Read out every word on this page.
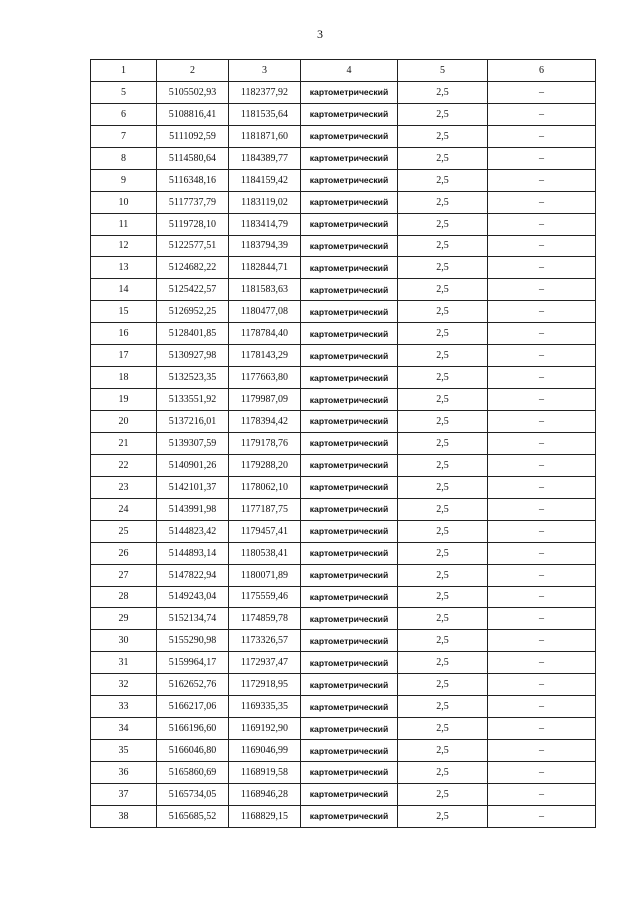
3
1	2	3	4	5	6
5	5105502,93	1182377,92	картометрический	2,5	–
6	5108816,41	1181535,64	картометрический	2,5	–
7	5111092,59	1181871,60	картометрический	2,5	–
8	5114580,64	1184389,77	картометрический	2,5	–
9	5116348,16	1184159,42	картометрический	2,5	–
10	5117737,79	1183119,02	картометрический	2,5	–
11	5119728,10	1183414,79	картометрический	2,5	–
12	5122577,51	1183794,39	картометрический	2,5	–
13	5124682,22	1182844,71	картометрический	2,5	–
14	5125422,57	1181583,63	картометрический	2,5	–
15	5126952,25	1180477,08	картометрический	2,5	–
16	5128401,85	1178784,40	картометрический	2,5	–
17	5130927,98	1178143,29	картометрический	2,5	–
18	5132523,35	1177663,80	картометрический	2,5	–
19	5133551,92	1179987,09	картометрический	2,5	–
20	5137216,01	1178394,42	картометрический	2,5	–
21	5139307,59	1179178,76	картометрический	2,5	–
22	5140901,26	1179288,20	картометрический	2,5	–
23	5142101,37	1178062,10	картометрический	2,5	–
24	5143991,98	1177187,75	картометрический	2,5	–
25	5144823,42	1179457,41	картометрический	2,5	–
26	5144893,14	1180538,41	картометрический	2,5	–
27	5147822,94	1180071,89	картометрический	2,5	–
28	5149243,04	1175559,46	картометрический	2,5	–
29	5152134,74	1174859,78	картометрический	2,5	–
30	5155290,98	1173326,57	картометрический	2,5	–
31	5159964,17	1172937,47	картометрический	2,5	–
32	5162652,76	1172918,95	картометрический	2,5	–
33	5166217,06	1169335,35	картометрический	2,5	–
34	5166196,60	1169192,90	картометрический	2,5	–
35	5166046,80	1169046,99	картометрический	2,5	–
36	5165860,69	1168919,58	картометрический	2,5	–
37	5165734,05	1168946,28	картометрический	2,5	–
38	5165685,52	1168829,15	картометрический	2,5	–
